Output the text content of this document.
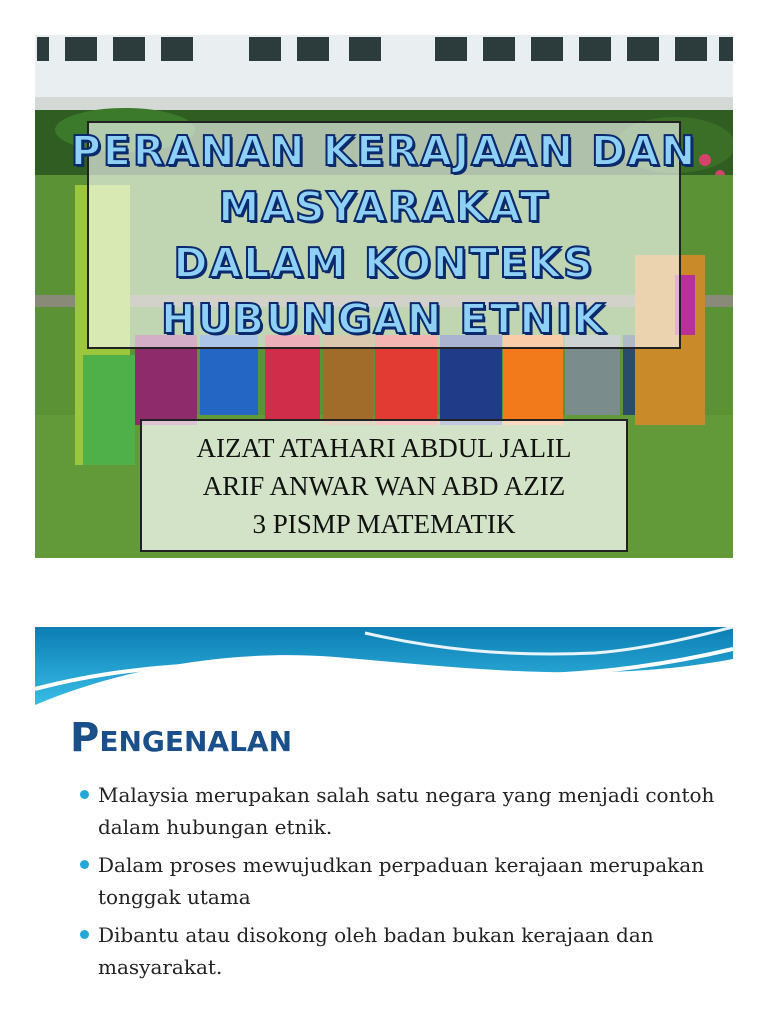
PERANAN KERAJAAN DAN
MASYARAKAT
DALAM KONTEKS
HUBUNGAN ETNIK
AIZAT ATAHARI ABDUL JALIL
ARIF ANWAR WAN ABD AZIZ
3 PISMP MATEMATIK
Pengenalan
Malaysia merupakan salah satu negara yang menjadi contoh dalam hubungan etnik.
Dalam proses mewujudkan perpaduan kerajaan merupakan tonggak utama
Dibantu atau disokong oleh badan bukan kerajaan dan masyarakat.
